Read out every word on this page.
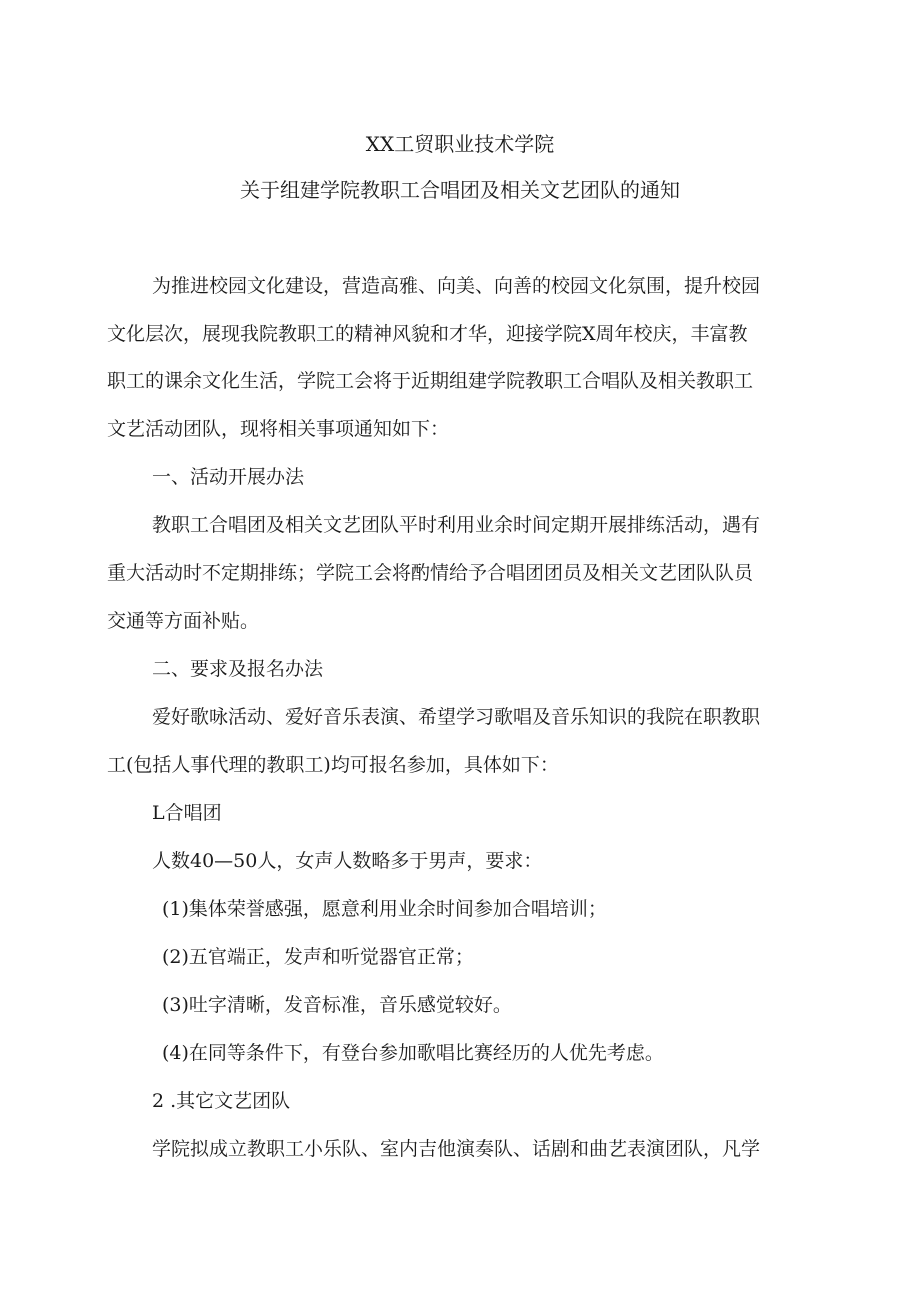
XX工贸职业技术学院
关于组建学院教职工合唱团及相关文艺团队的通知
为推进校园文化建设，营造高雅、向美、向善的校园文化氛围，提升校园
文化层次，展现我院教职工的精神风貌和才华，迎接学院X周年校庆，丰富教
职工的课余文化生活，学院工会将于近期组建学院教职工合唱队及相关教职工
文艺活动团队，现将相关事项通知如下：
一、活动开展办法
教职工合唱团及相关文艺团队平时利用业余时间定期开展排练活动，遇有
重大活动时不定期排练；学院工会将酌情给予合唱团团员及相关文艺团队队员
交通等方面补贴。
二、要求及报名办法
爱好歌咏活动、爱好音乐表演、希望学习歌唱及音乐知识的我院在职教职
工(包括人事代理的教职工)均可报名参加，具体如下：
L合唱团
人数40—50人，女声人数略多于男声，要求：
(1)集体荣誉感强，愿意利用业余时间参加合唱培训；
(2)五官端正，发声和听觉器官正常；
(3)吐字清晰，发音标准，音乐感觉较好。
(4)在同等条件下，有登台参加歌唱比赛经历的人优先考虑。
2 .其它文艺团队
学院拟成立教职工小乐队、室内吉他演奏队、话剧和曲艺表演团队，凡学
